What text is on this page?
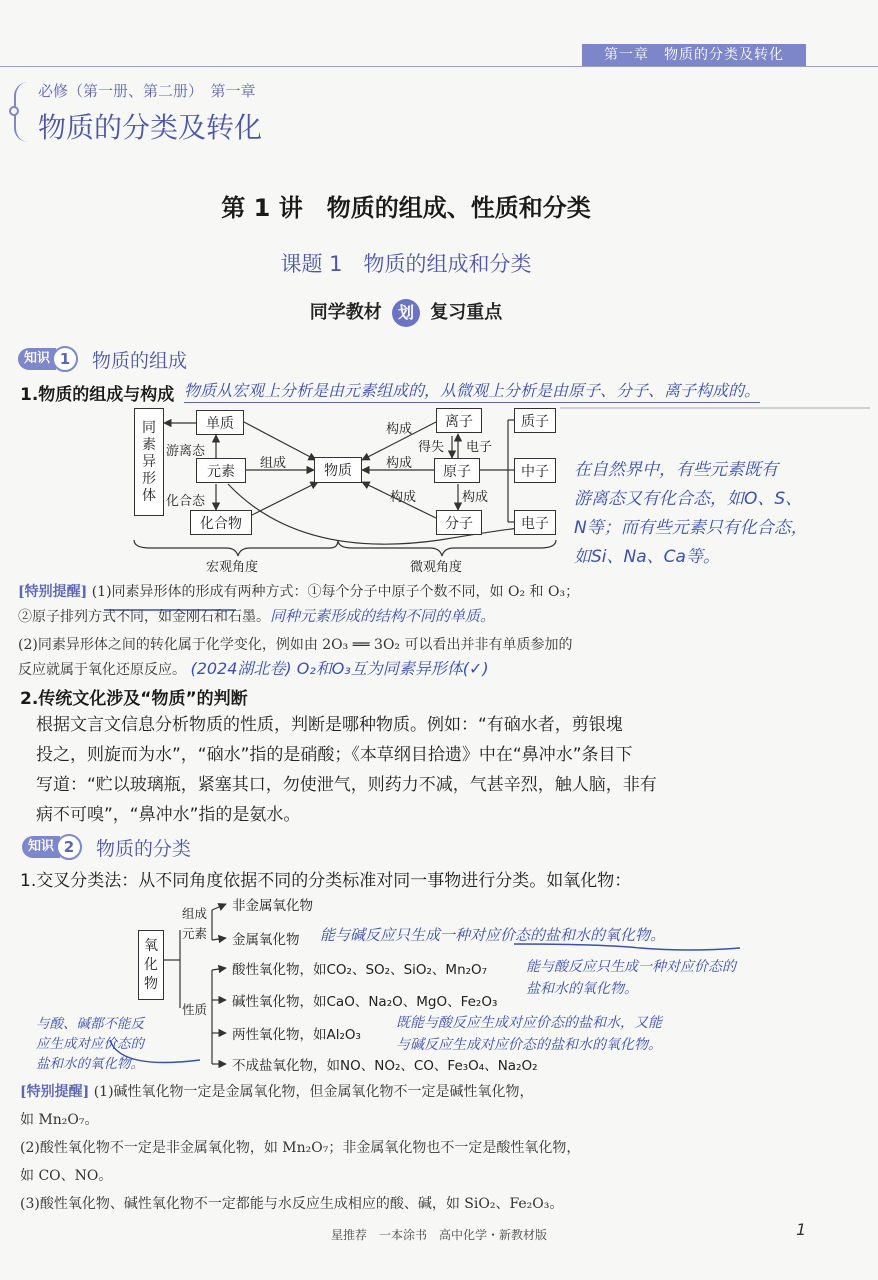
第一章　物质的分类及转化
必修（第一册、第二册）　第一章
物质的分类及转化
第 1 讲　物质的组成、性质和分类
课题 1　物质的组成和分类
同学教材 划 复习重点
知识 1	物质的组成
1.物质的组成与构成 物质从宏观上分析是由元素组成的，从微观上分析是由原子、分子、离子构成的。
同
素
异
形
体
单质
元素
化合物
物质
离子
原子
分子
质子
中子
电子
游离态
化合态
组成
构成
构成
构成
得失 电子
构成
宏观角度	微观角度
在自然界中，有些元素既有
游离态又有化合态，如O、S、
N等；而有些元素只有化合态，
如Si、Na、Ca等。
[特别提醒] (1)同素异形体的形成有两种方式：①每个分子中原子个数不同，如 O₂ 和 O₃；
②原子排列方式不同，如金刚石和石墨。同种元素形成的结构不同的单质。
(2)同素异形体之间的转化属于化学变化，例如由 2O₃ ══ 3O₂ 可以看出并非有单质参加的
反应就属于氧化还原反应。 (2024湖北卷) O₂和O₃互为同素异形体(✓)
2.传统文化涉及“物质”的判断
根据文言文信息分析物质的性质，判断是哪种物质。例如：“有硇水者，剪银塊
投之，则旋而为水”，“硇水”指的是硝酸；《本草纲目拾遗》中在“鼻冲水”条目下
写道：“贮以玻璃瓶，紧塞其口，勿使泄气，则药力不减，气甚辛烈，触人脑，非有
病不可嗅”，“鼻冲水”指的是氨水。
知识 2	物质的分类
1.交叉分类法：从不同角度依据不同的分类标准对同一事物进行分类。如氧化物：
氧
化
物
组成
元素
性质
非金属氧化物
金属氧化物 能与碱反应只生成一种对应价态的盐和水的氧化物。
酸性氧化物，如CO₂、SO₂、SiO₂、Mn₂O₇	能与酸反应只生成一种对应价态的
盐和水的氧化物。
碱性氧化物，如CaO、Na₂O、MgO、Fe₂O₃
两性氧化物，如Al₂O₃
既能与酸反应生成对应价态的盐和水，又能
与碱反应生成对应价态的盐和水的氧化物。
不成盐氧化物，如NO、NO₂、CO、Fe₃O₄、Na₂O₂
与酸、碱都不能反
应生成对应价态的
盐和水的氧化物。
[特别提醒] (1)碱性氧化物一定是金属氧化物，但金属氧化物不一定是碱性氧化物，
如 Mn₂O₇。
(2)酸性氧化物不一定是非金属氧化物，如 Mn₂O₇；非金属氧化物也不一定是酸性氧化物，
如 CO、NO。
(3)酸性氧化物、碱性氧化物不一定都能与水反应生成相应的酸、碱，如 SiO₂、Fe₂O₃。
星推荐　一本涂书　高中化学・新教材版	1
